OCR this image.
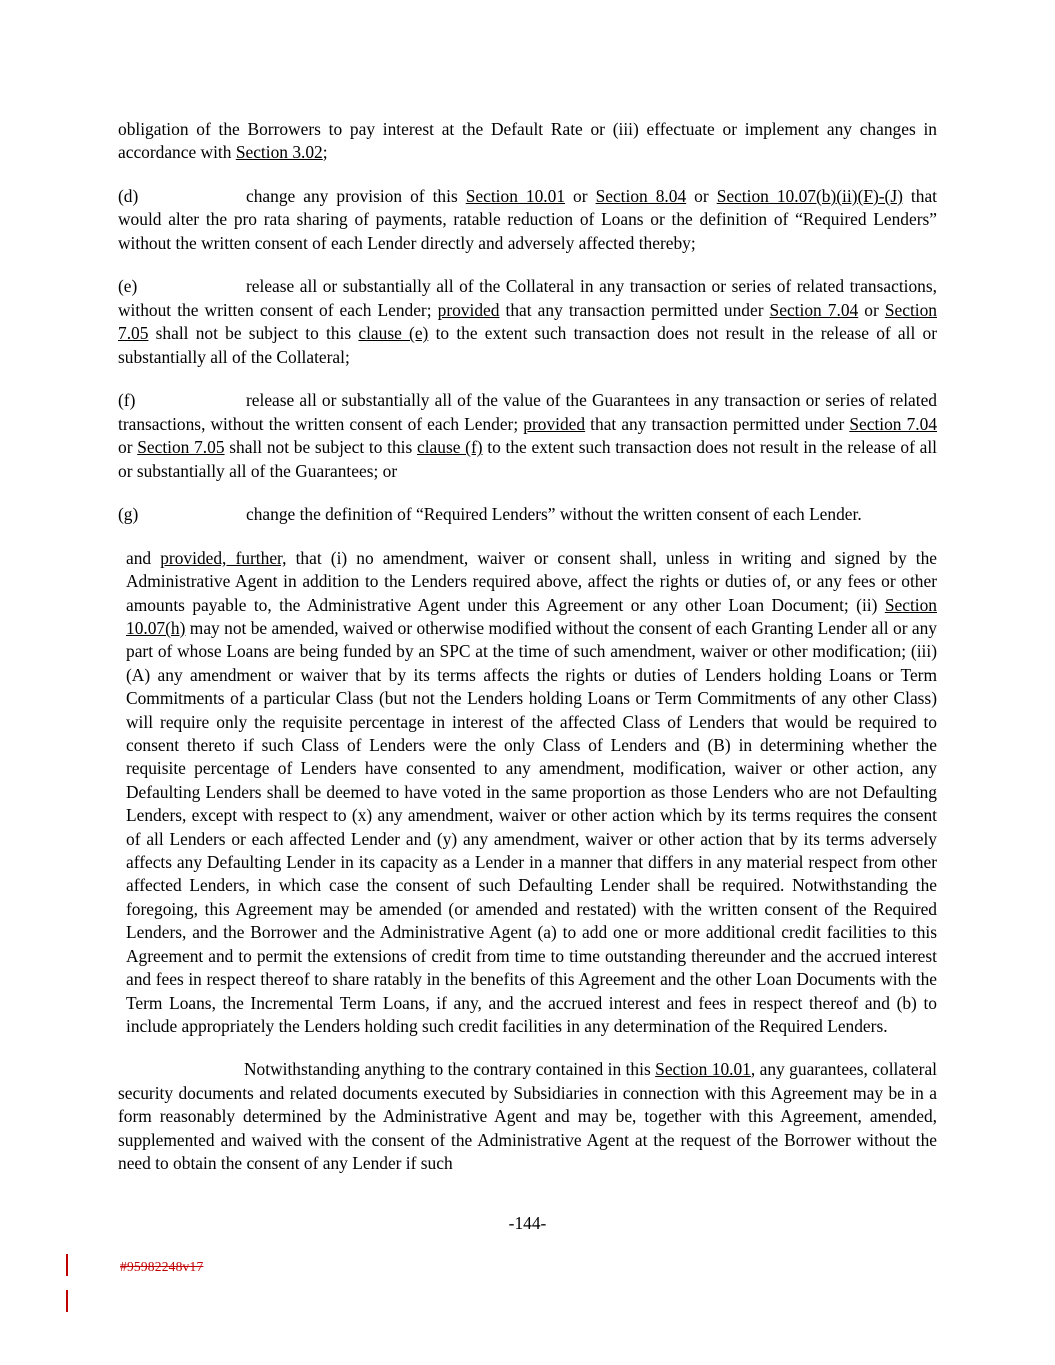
obligation of the Borrowers to pay interest at the Default Rate or (iii) effectuate or implement any changes in accordance with Section 3.02;

(d)	change any provision of this Section 10.01 or Section 8.04 or Section 10.07(b)(ii)(F)-(J) that would alter the pro rata sharing of payments, ratable reduction of Loans or the definition of “Required Lenders” without the written consent of each Lender directly and adversely affected thereby;

(e)	release all or substantially all of the Collateral in any transaction or series of related transactions, without the written consent of each Lender; provided that any transaction permitted under Section 7.04 or Section 7.05 shall not be subject to this clause (e) to the extent such transaction does not result in the release of all or substantially all of the Collateral;

(f)	release all or substantially all of the value of the Guarantees in any transaction or series of related transactions, without the written consent of each Lender; provided that any transaction permitted under Section 7.04 or Section 7.05 shall not be subject to this clause (f) to the extent such transaction does not result in the release of all or substantially all of the Guarantees; or

(g)	change the definition of “Required Lenders” without the written consent of each Lender.

and provided, further, that (i) no amendment, waiver or consent shall, unless in writing and signed by the Administrative Agent in addition to the Lenders required above, affect the rights or duties of, or any fees or other amounts payable to, the Administrative Agent under this Agreement or any other Loan Document; (ii) Section 10.07(h) may not be amended, waived or otherwise modified without the consent of each Granting Lender all or any part of whose Loans are being funded by an SPC at the time of such amendment, waiver or other modification; (iii) (A) any amendment or waiver that by its terms affects the rights or duties of Lenders holding Loans or Term Commitments of a particular Class (but not the Lenders holding Loans or Term Commitments of any other Class) will require only the requisite percentage in interest of the affected Class of Lenders that would be required to consent thereto if such Class of Lenders were the only Class of Lenders and (B) in determining whether the requisite percentage of Lenders have consented to any amendment, modification, waiver or other action, any Defaulting Lenders shall be deemed to have voted in the same proportion as those Lenders who are not Defaulting Lenders, except with respect to (x) any amendment, waiver or other action which by its terms requires the consent of all Lenders or each affected Lender and (y) any amendment, waiver or other action that by its terms adversely affects any Defaulting Lender in its capacity as a Lender in a manner that differs in any material respect from other affected Lenders, in which case the consent of such Defaulting Lender shall be required. Notwithstanding the foregoing, this Agreement may be amended (or amended and restated) with the written consent of the Required Lenders, and the Borrower and the Administrative Agent (a) to add one or more additional credit facilities to this Agreement and to permit the extensions of credit from time to time outstanding thereunder and the accrued interest and fees in respect thereof to share ratably in the benefits of this Agreement and the other Loan Documents with the Term Loans, the Incremental Term Loans, if any, and the accrued interest and fees in respect thereof and (b) to include appropriately the Lenders holding such credit facilities in any determination of the Required Lenders.

Notwithstanding anything to the contrary contained in this Section 10.01, any guarantees, collateral security documents and related documents executed by Subsidiaries in connection with this Agreement may be in a form reasonably determined by the Administrative Agent and may be, together with this Agreement, amended, supplemented and waived with the consent of the Administrative Agent at the request of the Borrower without the need to obtain the consent of any Lender if such

-144-
#95982248v17
